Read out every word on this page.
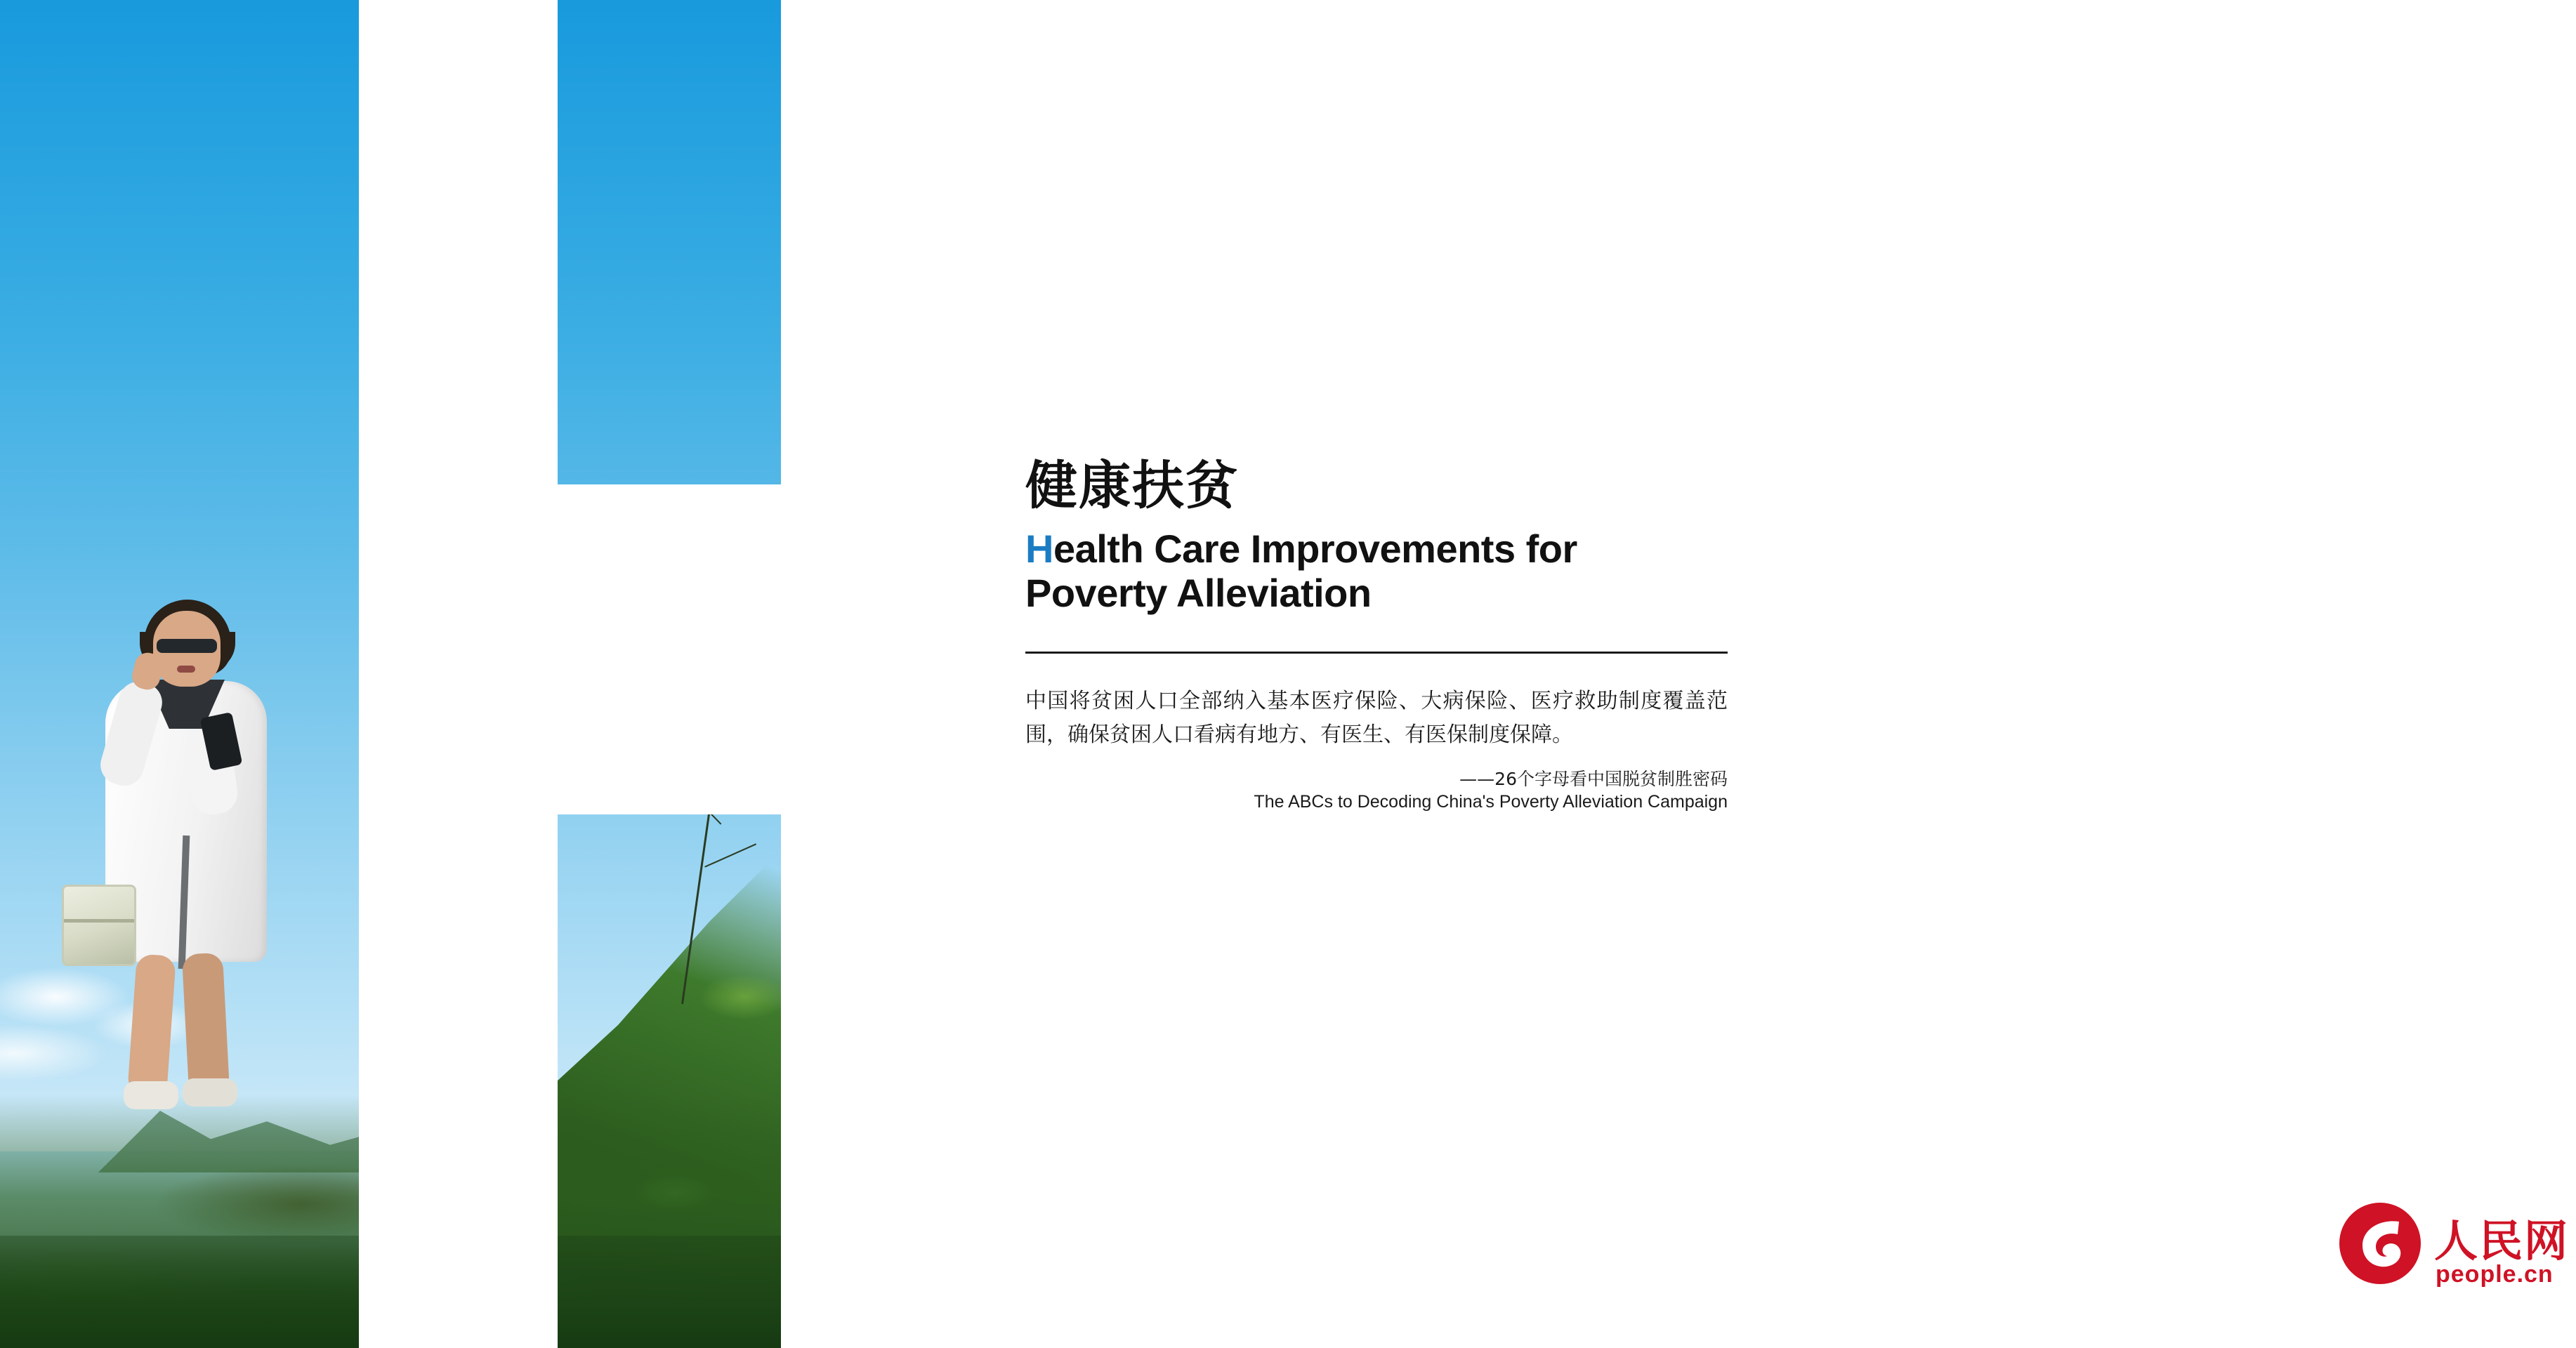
健康扶贫
Health Care Improvements for
Poverty Alleviation
中国将贫困人口全部纳入基本医疗保险、大病保险、医疗救助制度覆盖范围，确保贫困人口看病有地方、有医生、有医保制度保障。
——26个字母看中国脱贫制胜密码
The ABCs to Decoding China's Poverty Alleviation Campaign
人民网
people.cn
